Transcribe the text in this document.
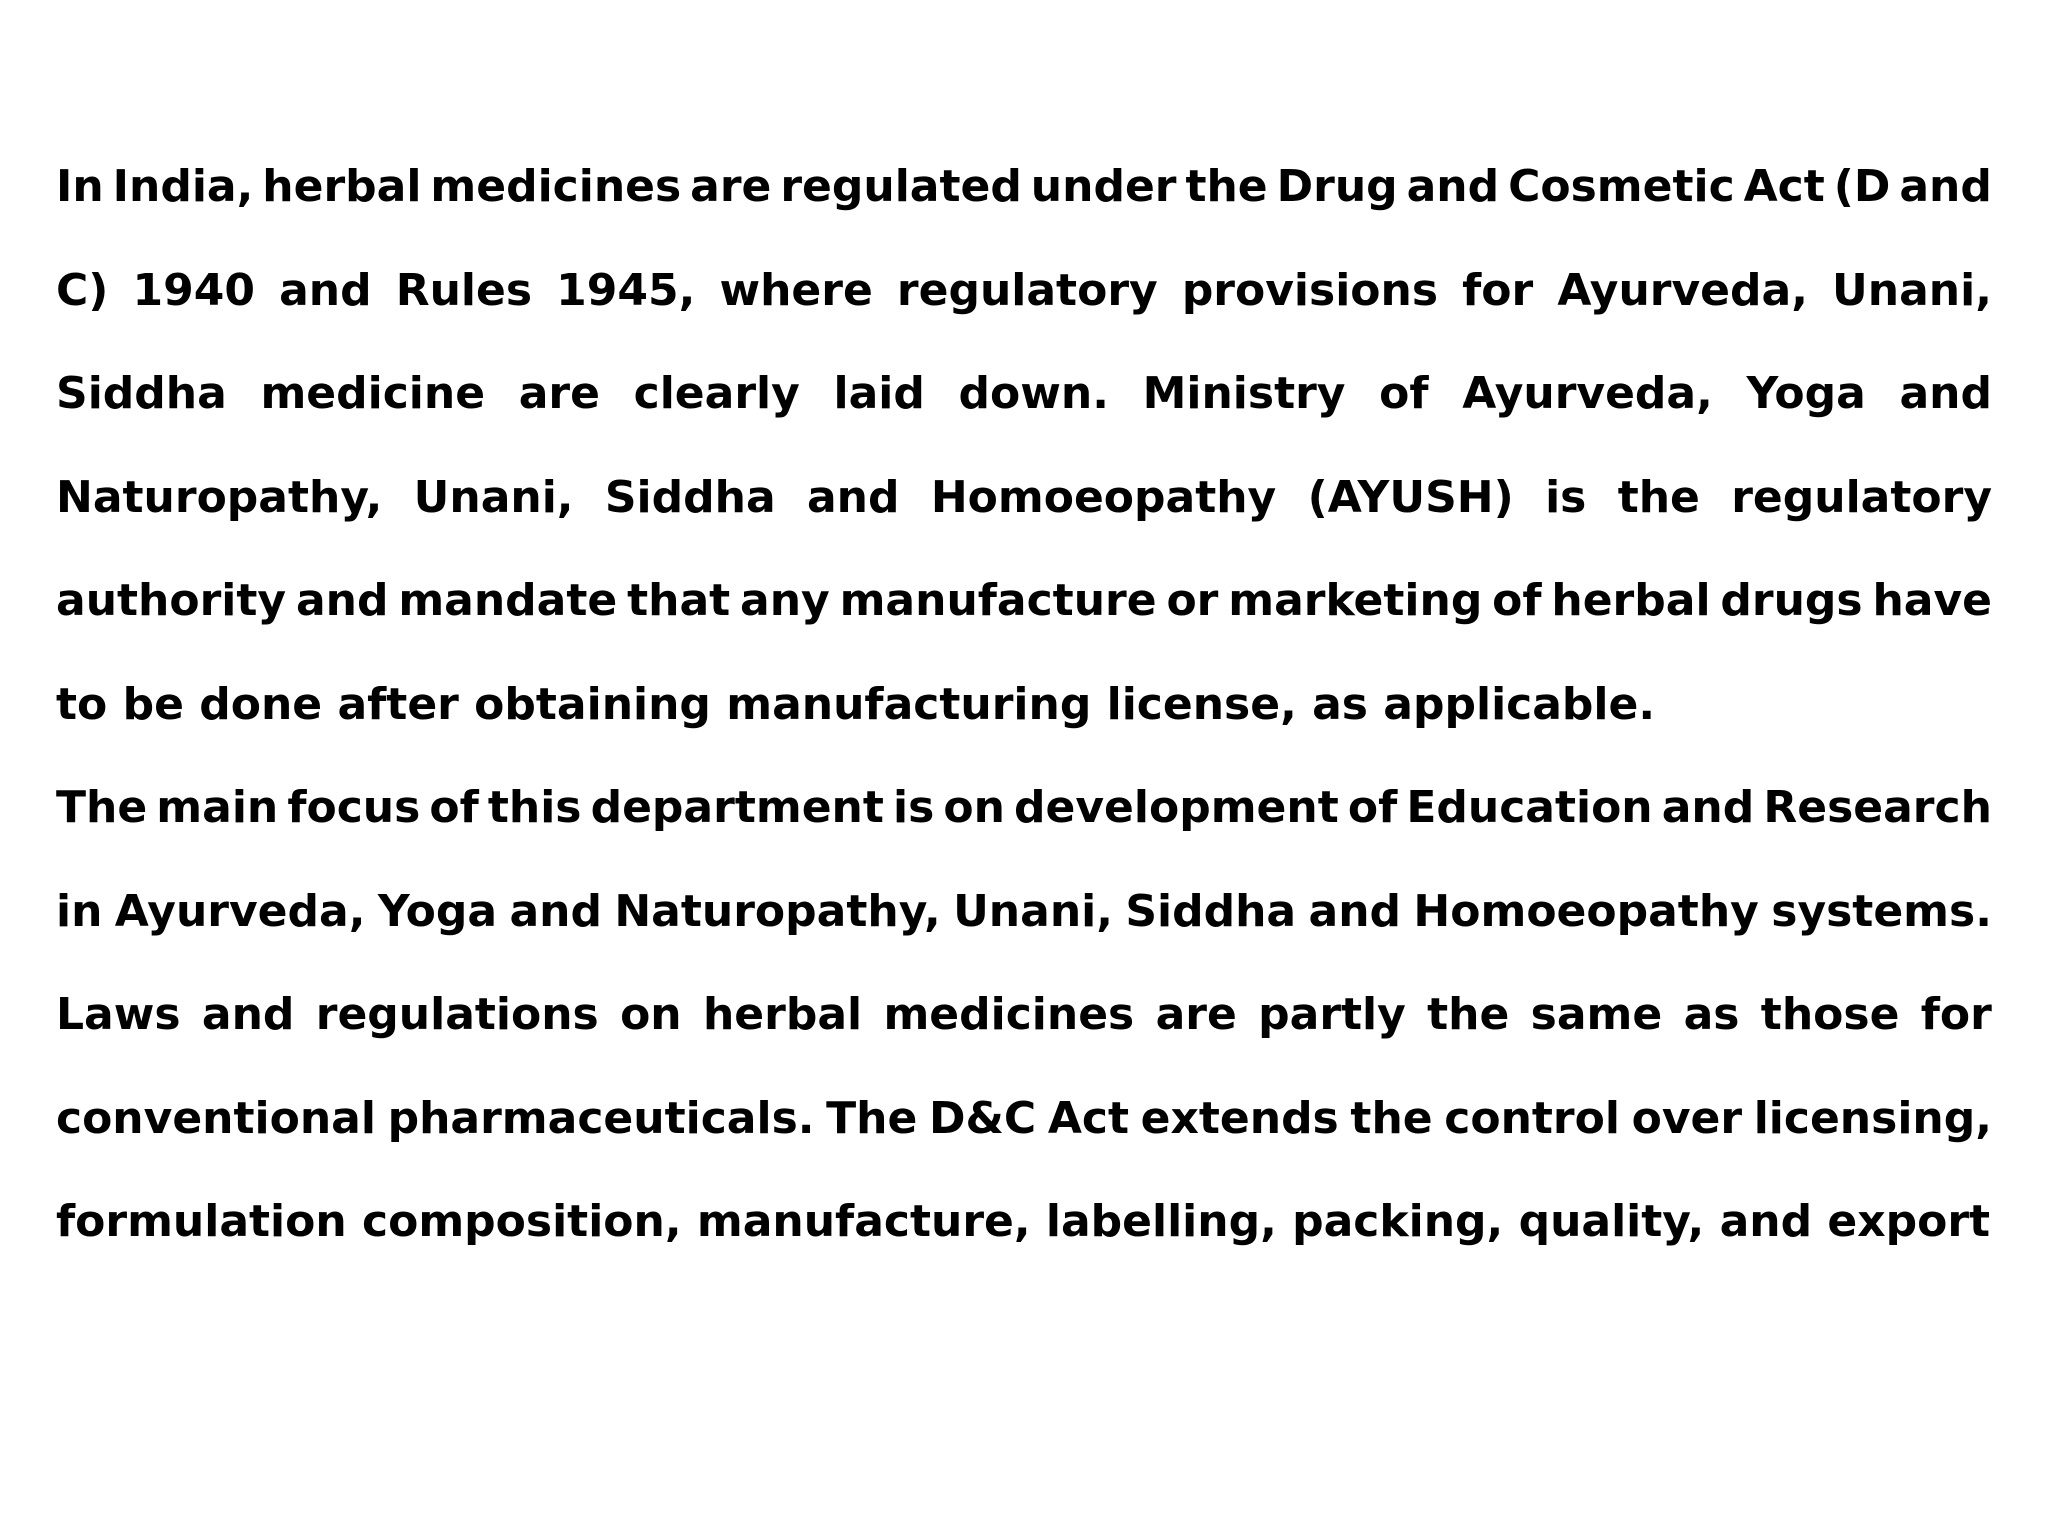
In India, herbal medicines are regulated under the Drug and Cosmetic Act (D and
C) 1940 and Rules 1945, where regulatory provisions for Ayurveda, Unani,
Siddha medicine are clearly laid down. Ministry of Ayurveda, Yoga and
Naturopathy, Unani, Siddha and Homoeopathy (AYUSH) is the regulatory
authority and mandate that any manufacture or marketing of herbal drugs have
to be done after obtaining manufacturing license, as applicable.
The main focus of this department is on development of Education and Research
in Ayurveda, Yoga and Naturopathy, Unani, Siddha and Homoeopathy systems.
Laws and regulations on herbal medicines are partly the same as those for
conventional pharmaceuticals. The D&C Act extends the control over licensing,
formulation composition, manufacture, labelling, packing, quality, and export
